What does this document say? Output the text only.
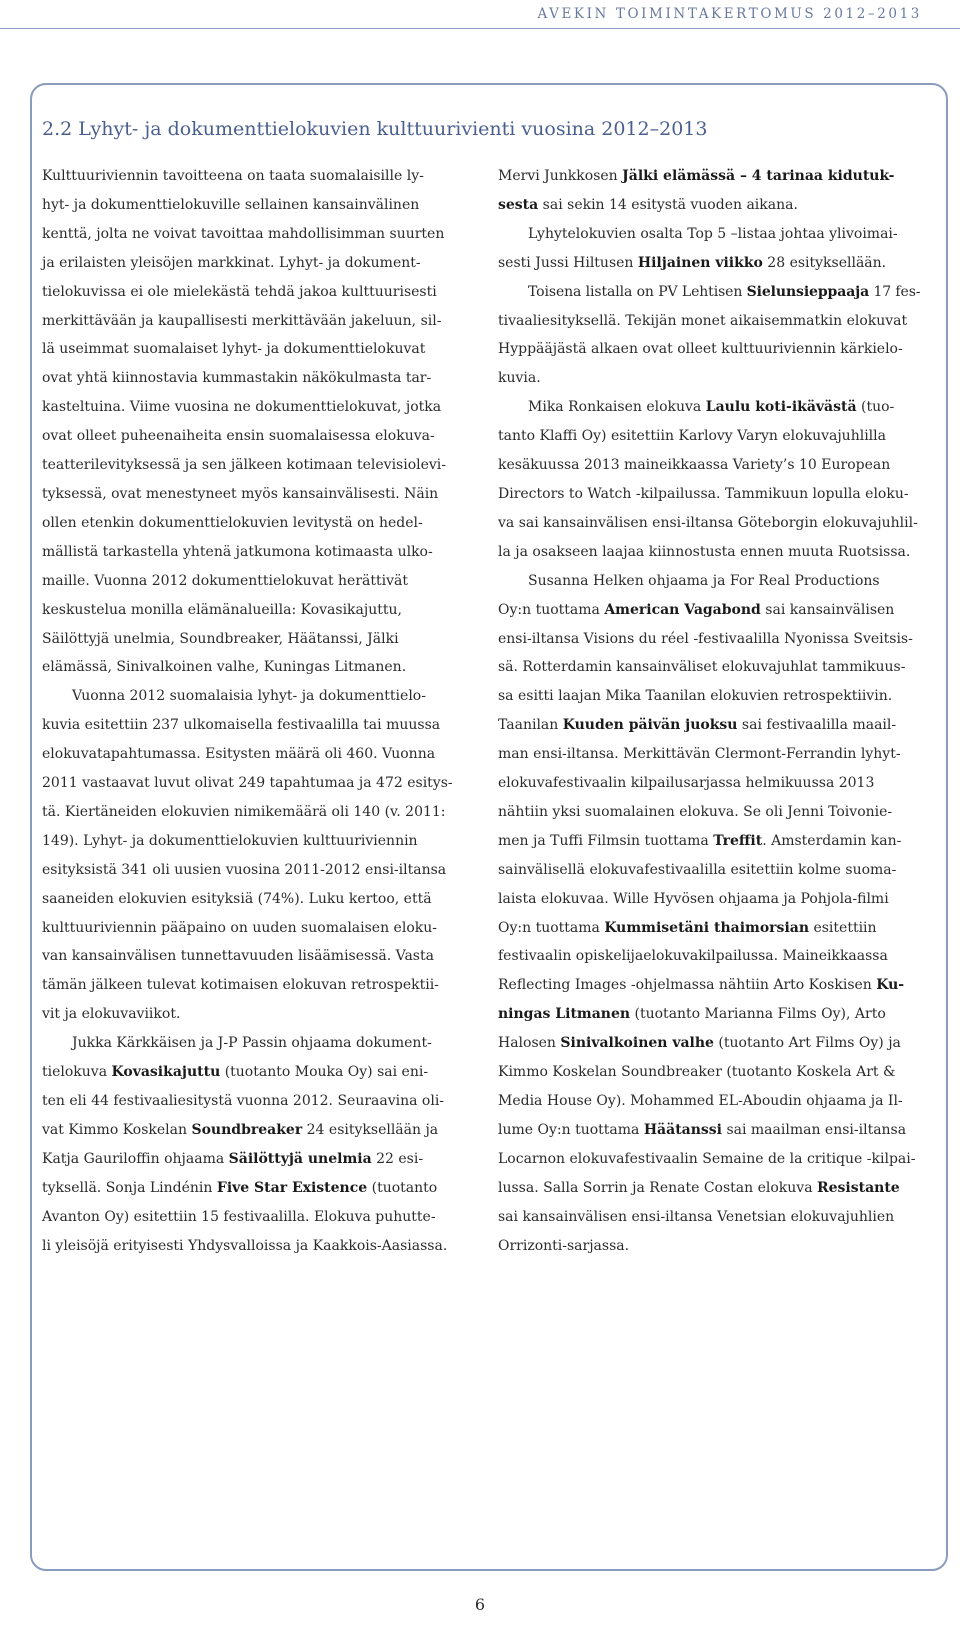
AVEKIN TOIMINTAKERTOMUS 2012–2013
2.2 Lyhyt- ja dokumenttielokuvien kulttuurivienti vuosina 2012–2013
Kulttuuriviennin tavoitteena on taata suomalaisille ly-
hyt- ja dokumenttielokuville sellainen kansainvälinen
kenttä, jolta ne voivat tavoittaa mahdollisimman suurten
ja erilaisten yleisöjen markkinat. Lyhyt- ja dokument-
tielokuvissa ei ole mielekästä tehdä jakoa kulttuurisesti
merkittävään ja kaupallisesti merkittävään jakeluun, sil-
lä useimmat suomalaiset lyhyt- ja dokumenttielokuvat
ovat yhtä kiinnostavia kummastakin näkökulmasta tar-
kasteltuina. Viime vuosina ne dokumenttielokuvat, jotka
ovat olleet puheenaiheita ensin suomalaisessa elokuva-
teatterilevityksessä ja sen jälkeen kotimaan televisiolevi-
tyksessä, ovat menestyneet myös kansainvälisesti. Näin
ollen etenkin dokumenttielokuvien levitystä on hedel-
mällistä tarkastella yhtenä jatkumona kotimaasta ulko-
maille. Vuonna 2012 dokumenttielokuvat herättivät
keskustelua monilla elämänalueilla: Kovasikajuttu,
Säilöttyjä unelmia, Soundbreaker, Häätanssi, Jälki
elämässä, Sinivalkoinen valhe, Kuningas Litmanen.
Vuonna 2012 suomalaisia lyhyt- ja dokumenttielo-
kuvia esitettiin 237 ulkomaisella festivaalilla tai muussa
elokuvatapahtumassa. Esitysten määrä oli 460. Vuonna
2011 vastaavat luvut olivat 249 tapahtumaa ja 472 esitys-
tä. Kiertäneiden elokuvien nimikemäärä oli 140 (v. 2011:
149). Lyhyt- ja dokumenttielokuvien kulttuuriviennin
esityksistä 341 oli uusien vuosina 2011-2012 ensi-iltansa
saaneiden elokuvien esityksiä (74%). Luku kertoo, että
kulttuuriviennin pääpaino on uuden suomalaisen eloku-
van kansainvälisen tunnettavuuden lisäämisessä. Vasta
tämän jälkeen tulevat kotimaisen elokuvan retrospektii-
vit ja elokuvaviikot.
Jukka Kärkkäisen ja J-P Passin ohjaama dokument-
tielokuva Kovasikajuttu (tuotanto Mouka Oy) sai eni-
ten eli 44 festivaaliesitystä vuonna 2012. Seuraavina oli-
vat Kimmo Koskelan Soundbreaker 24 esityksellään ja
Katja Gauriloffin ohjaama Säilöttyjä unelmia 22 esi-
tyksellä. Sonja Lindénin Five Star Existence (tuotanto
Avanton Oy) esitettiin 15 festivaalilla. Elokuva puhutte-
li yleisöjä erityisesti Yhdysvalloissa ja Kaakkois-Aasiassa.
Mervi Junkkosen Jälki elämässä – 4 tarinaa kidutuk-
sesta sai sekin 14 esitystä vuoden aikana.
Lyhytelokuvien osalta Top 5 –listaa johtaa ylivoimai-
sesti Jussi Hiltusen Hiljainen viikko 28 esityksellään.
Toisena listalla on PV Lehtisen Sielunsieppaaja 17 fes-
tivaaliesityksellä. Tekijän monet aikaisemmatkin elokuvat
Hyppääjästä alkaen ovat olleet kulttuuriviennin kärkielo-
kuvia.
Mika Ronkaisen elokuva Laulu koti-ikävästä (tuo-
tanto Klaffi Oy) esitettiin Karlovy Varyn elokuvajuhlilla
kesäkuussa 2013 maineikkaassa Variety’s 10 European
Directors to Watch -kilpailussa. Tammikuun lopulla eloku-
va sai kansainvälisen ensi-iltansa Göteborgin elokuvajuhlil-
la ja osakseen laajaa kiinnostusta ennen muuta Ruotsissa.
Susanna Helken ohjaama ja For Real Productions
Oy:n tuottama American Vagabond sai kansainvälisen
ensi-iltansa Visions du réel -festivaalilla Nyonissa Sveitsis-
sä. Rotterdamin kansainväliset elokuvajuhlat tammikuus-
sa esitti laajan Mika Taanilan elokuvien retrospektiivin.
Taanilan Kuuden päivän juoksu sai festivaalilla maail-
man ensi-iltansa. Merkittävän Clermont-Ferrandin lyhyt-
elokuvafestivaalin kilpailusarjassa helmikuussa 2013
nähtiin yksi suomalainen elokuva. Se oli Jenni Toivonie-
men ja Tuffi Filmsin tuottama Treffit. Amsterdamin kan-
sainvälisellä elokuvafestivaalilla esitettiin kolme suoma-
laista elokuvaa. Wille Hyvösen ohjaama ja Pohjola-filmi
Oy:n tuottama Kummisetäni thaimorsian esitettiin
festivaalin opiskelijaelokuvakilpailussa. Maineikkaassa
Reflecting Images -ohjelmassa nähtiin Arto Koskisen Ku-
ningas Litmanen (tuotanto Marianna Films Oy), Arto
Halosen Sinivalkoinen valhe (tuotanto Art Films Oy) ja
Kimmo Koskelan Soundbreaker (tuotanto Koskela Art &
Media House Oy). Mohammed EL-Aboudin ohjaama ja Il-
lume Oy:n tuottama Häätanssi sai maailman ensi-iltansa
Locarnon elokuvafestivaalin Semaine de la critique -kilpai-
lussa. Salla Sorrin ja Renate Costan elokuva Resistante
sai kansainvälisen ensi-iltansa Venetsian elokuvajuhlien
Orrizonti-sarjassa.
6
